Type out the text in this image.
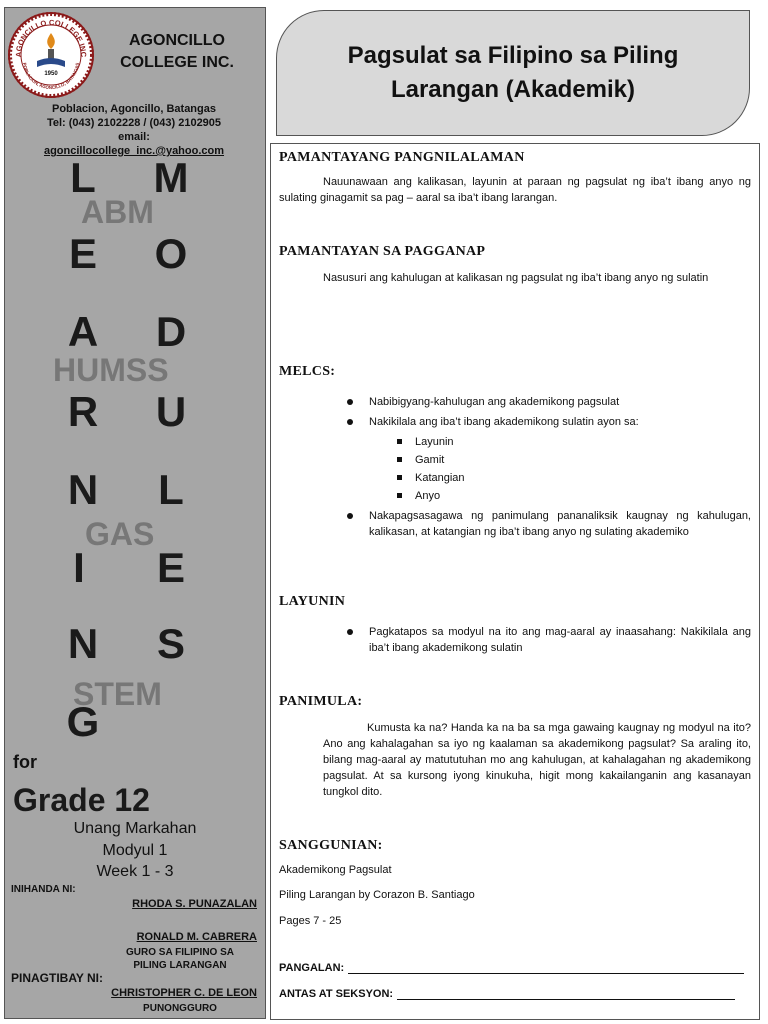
AGONCILLO COLLEGE INC
POBLACION, AGONCILLO, BATANGAS
1950
AGONCILLO
COLLEGE INC.
Poblacion, Agoncillo, Batangas
Tel: (043) 2102228 / (043) 2102905
email:
agoncillocollege_inc.@yahoo.com
ABM
HUMSS
GAS
STEM
L
E
A
R
N
I
N
G
M
O
D
U
L
E
S
for
Grade 12
Unang Markahan
Modyul 1
Week 1 - 3
INIHANDA NI:
RHODA S. PUNAZALAN
RONALD M. CABRERA
GURO SA FILIPINO SA
PILING LARANGAN
PINAGTIBAY NI:
CHRISTOPHER C. DE LEON
PUNONGGURO
Pagsulat sa Filipino sa Piling
Larangan (Akademik)
PAMANTAYANG PANGNILALAMAN
Nauunawaan ang kalikasan, layunin at paraan ng pagsulat ng iba’t ibang anyo ng sulating ginagamit sa pag – aaral sa iba’t ibang larangan.
PAMANTAYAN SA PAGGANAP
Nasusuri ang kahulugan at kalikasan ng pagsulat ng iba’t ibang anyo ng sulatin
MELCS:
Nabibigyang-kahulugan ang akademikong pagsulat
Nakikilala ang iba’t ibang akademikong sulatin ayon sa:
Layunin
Gamit
Katangian
Anyo
Nakapagsasagawa ng panimulang pananaliksik kaugnay ng kahulugan, kalikasan, at katangian ng iba’t ibang anyo ng sulating akademiko
LAYUNIN
Pagkatapos sa modyul na ito ang mag-aaral ay inaasahang: Nakikilala ang iba’t ibang akademikong sulatin
PANIMULA:
Kumusta ka na? Handa ka na ba sa mga gawaing kaugnay ng modyul na ito? Ano ang kahalagahan sa iyo ng kaalaman sa akademikong pagsulat? Sa araling ito, bilang mag-aaral ay matututuhan mo ang kahulugan, at kahalagahan ng akademikong pagsulat. At sa kursong iyong kinukuha, higit mong kakailanganin ang kasanayan tungkol dito.
SANGGUNIAN:
Akademikong Pagsulat
Piling Larangan by Corazon B. Santiago
Pages 7 - 25
PANGALAN:
ANTAS AT SEKSYON:
